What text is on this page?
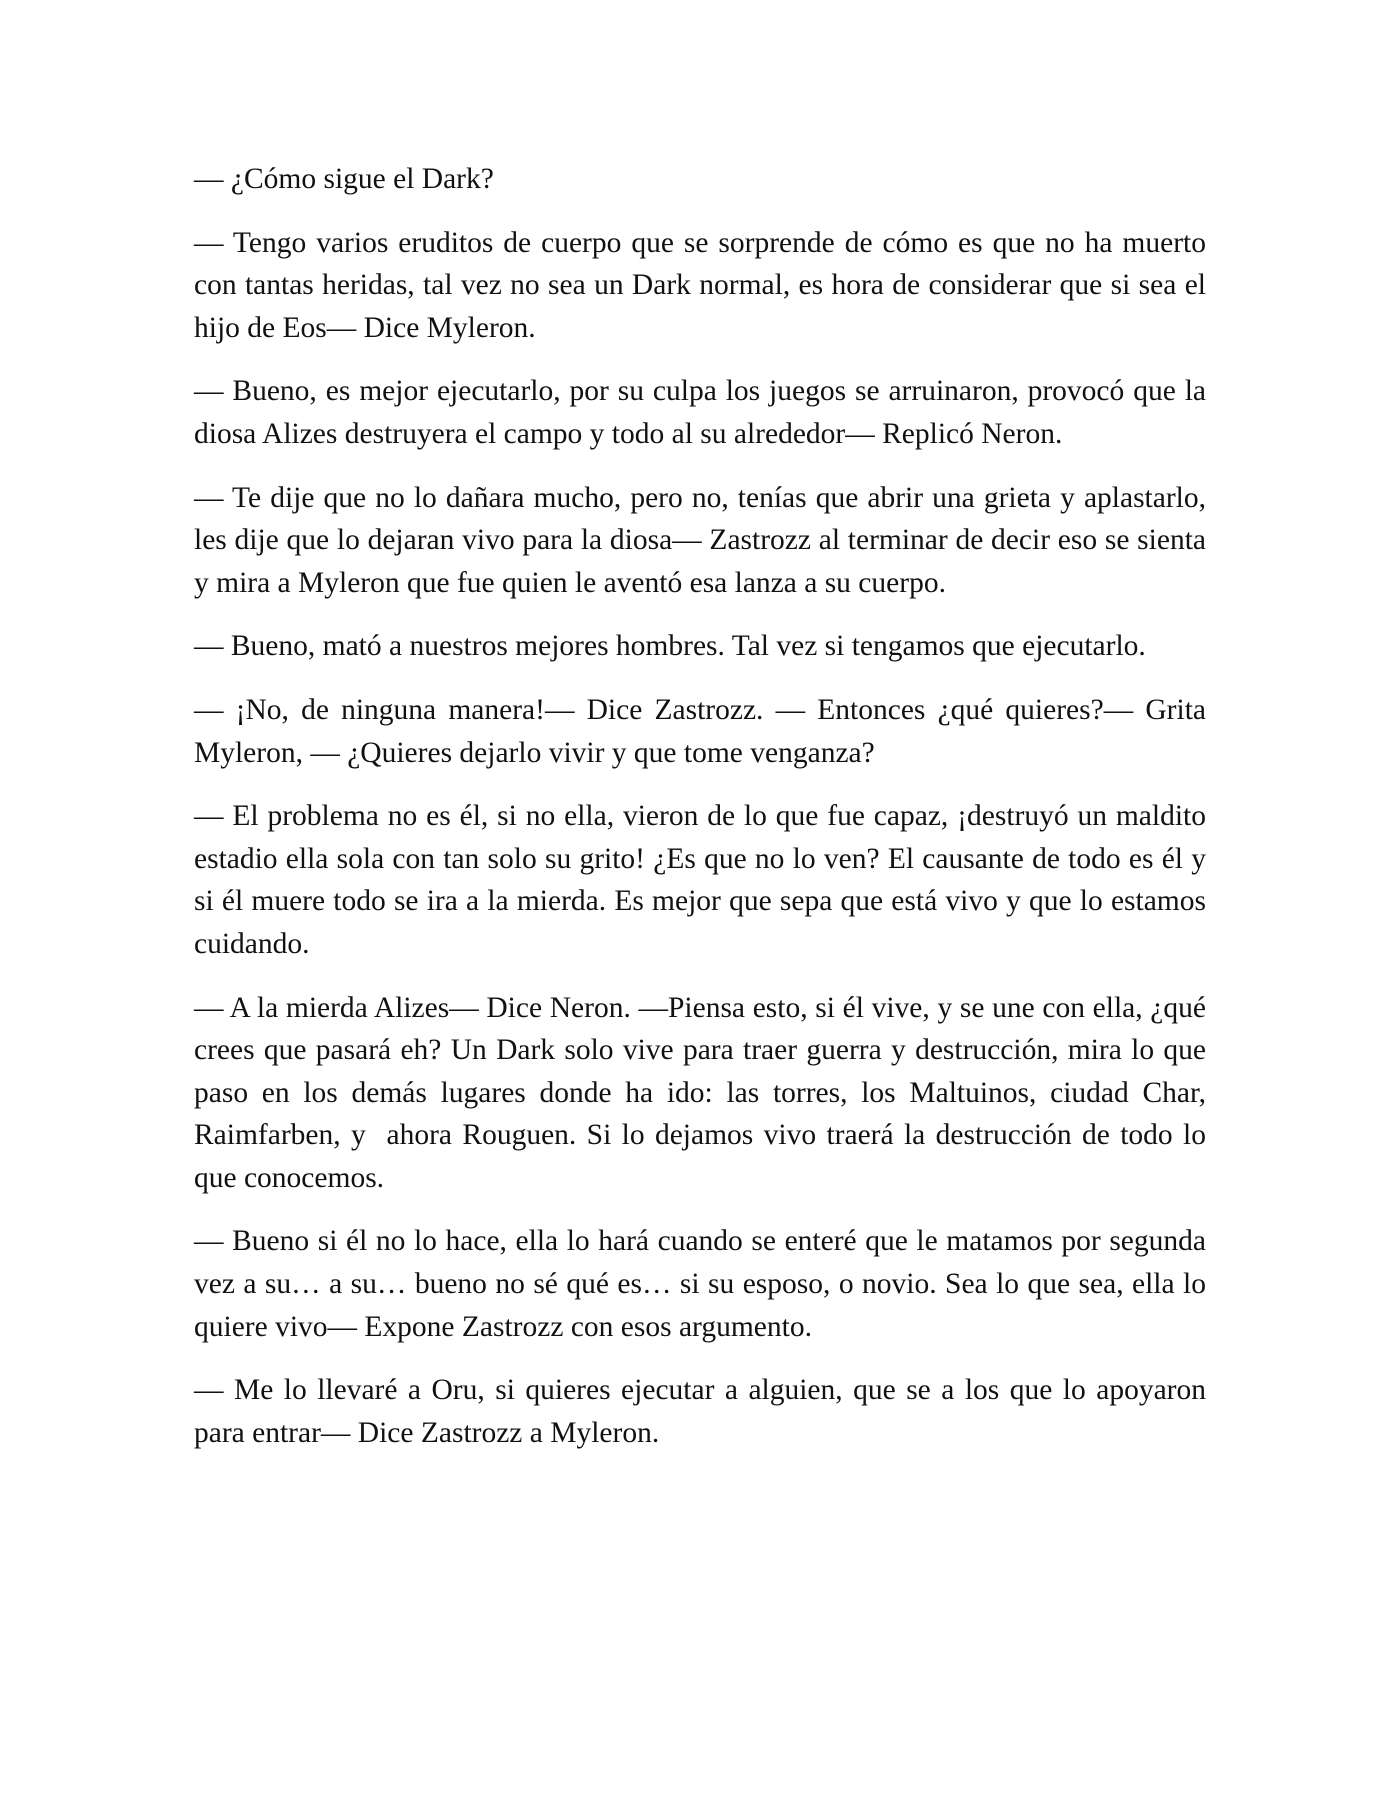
— ¿Cómo sigue el Dark?

— Tengo varios eruditos de cuerpo que se sorprende de cómo es que no ha muerto con tantas heridas, tal vez no sea un Dark normal, es hora de considerar que si sea el hijo de Eos— Dice Myleron.

— Bueno, es mejor ejecutarlo, por su culpa los juegos se arruinaron, provocó que la diosa Alizes destruyera el campo y todo al su alrededor— Replicó Neron.

— Te dije que no lo dañara mucho, pero no, tenías que abrir una grieta y aplastarlo, les dije que lo dejaran vivo para la diosa— Zastrozz al terminar de decir eso se sienta y mira a Myleron que fue quien le aventó esa lanza a su cuerpo.

— Bueno, mató a nuestros mejores hombres. Tal vez si tengamos que ejecutarlo.

— ¡No, de ninguna manera!— Dice Zastrozz. — Entonces ¿qué quieres?— Grita Myleron, — ¿Quieres dejarlo vivir y que tome venganza?

— El problema no es él, si no ella, vieron de lo que fue capaz, ¡destruyó un maldito estadio ella sola con tan solo su grito! ¿Es que no lo ven? El causante de todo es él y si él muere todo se ira a la mierda. Es mejor que sepa que está vivo y que lo estamos cuidando.

— A la mierda Alizes— Dice Neron. —Piensa esto, si él vive, y se une con ella, ¿qué crees que pasará eh? Un Dark solo vive para traer guerra y destrucción, mira lo que paso en los demás lugares donde ha ido: las torres, los Maltuinos, ciudad Char, Raimfarben, y  ahora Rouguen. Si lo dejamos vivo traerá la destrucción de todo lo que conocemos.

— Bueno si él no lo hace, ella lo hará cuando se enteré que le matamos por segunda vez a su… a su… bueno no sé qué es… si su esposo, o novio. Sea lo que sea, ella lo quiere vivo— Expone Zastrozz con esos argumento.

— Me lo llevaré a Oru, si quieres ejecutar a alguien, que se a los que lo apoyaron para entrar— Dice Zastrozz a Myleron.
